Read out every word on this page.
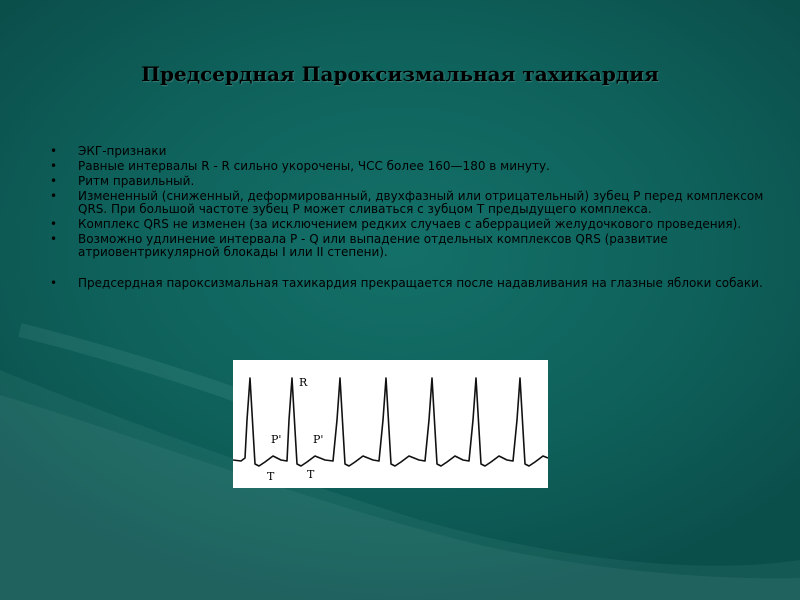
Предсердная Пароксизмальная тахикардия
• ЭКГ-признаки
• Равные интервалы R - R сильно укорочены, ЧСС более 160—180 в минуту.
• Ритм правильный.
• Измененный (сниженный, деформированный, двухфазный или отрицательный) зубец Р перед комплексом QRS. При большой частоте зубец Р может сливаться с зубцом Т предыдущего комплекса.
• Комплекс QRS не изменен (за исключением редких случаев с аберрацией желудочкового проведения).
• Возможно удлинение интервала Р - Q или выпадение отдельных комплексов QRS (развитие атриовентрикулярной блокады I или II степени).
• Предсердная пароксизмальная тахикардия прекращается после надавливания на глазные яблоки собаки.
R
P'	P'
T	T
